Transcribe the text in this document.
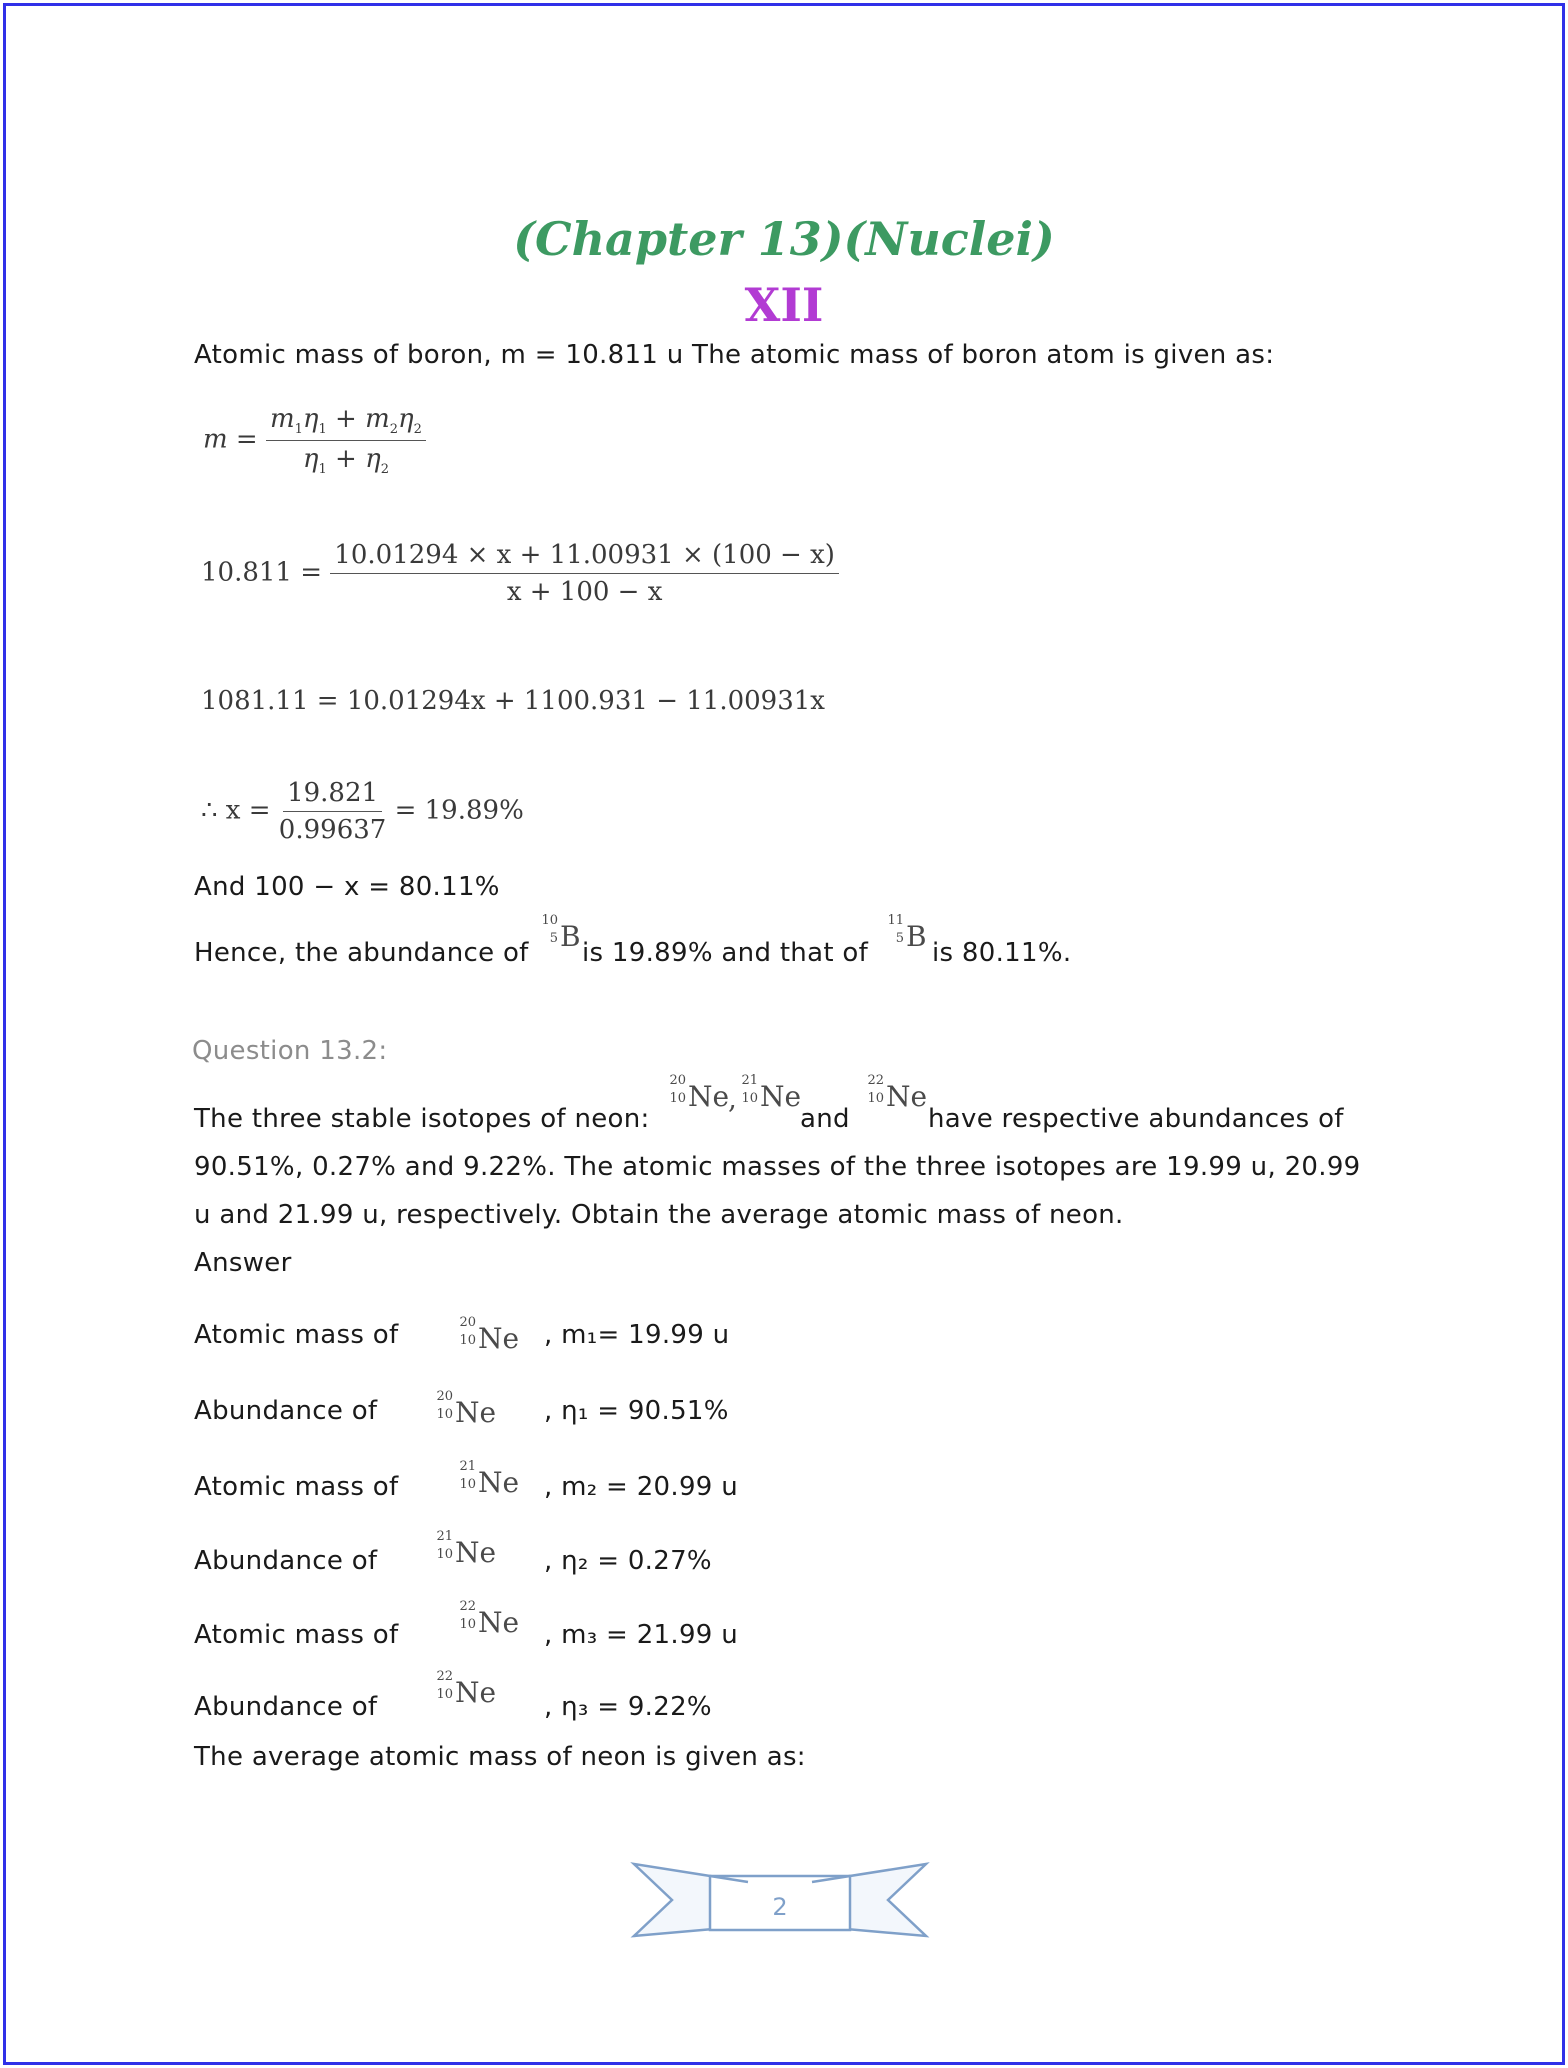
(Chapter 13)(Nuclei)
XII
Atomic mass of boron, m = 10.811 u The atomic mass of boron atom is given as:
$m = \frac{m_1\eta_1 + m_2\eta_2}{\eta_1 + \eta_2}$
$10.811 = \frac{10.01294 \times x + 11.00931 \times (100 - x)}{x + 100 - x}$
1081.11 = 10.01294x + 1100.931 − 11.00931x
∴ $x = \frac{19.821}{0.99637} = 19.89\%$
And 100 − x = 80.11%
Hence, the abundance of
10
5 B is 19.89% and that of
11
5 B is 80.11%.
Question 13.2:
The three stable isotopes of neon:
20
10 Ne
,
21
10 Ne
and
22
10 Ne
have respective abundances of
90.51%, 0.27% and 9.22%. The atomic masses of the three isotopes are 19.99 u, 20.99
u and 21.99 u, respectively. Obtain the average atomic mass of neon.
Answer
Atomic mass of	20
10 Ne , m₁= 19.99 u
Abundance of	20
10 Ne , η₁ = 90.51%
Atomic mass of
21
10 Ne , m₂ = 20.99 u
Abundance of
21
10 Ne , η₂ = 0.27%
Atomic mass of
22
10 Ne , m₃ = 21.99 u
Abundance of
22
10 Ne , η₃ = 9.22%
The average atomic mass of neon is given as:
2
